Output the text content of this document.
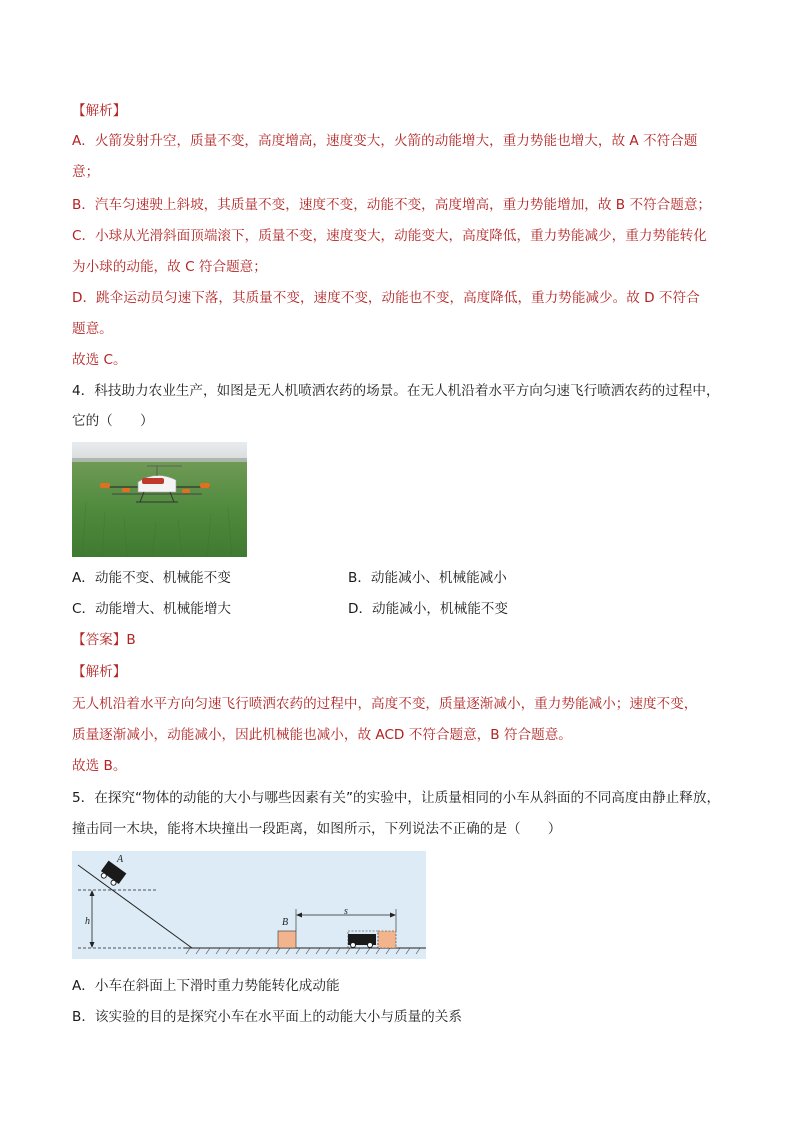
【解析】
A．火箭发射升空，质量不变，高度增高，速度变大，火箭的动能增大，重力势能也增大，故 A 不符合题
意；
B．汽车匀速驶上斜坡，其质量不变，速度不变，动能不变，高度增高，重力势能增加，故 B 不符合题意；
C．小球从光滑斜面顶端滚下，质量不变，速度变大，动能变大，高度降低，重力势能减少，重力势能转化
为小球的动能，故 C 符合题意；
D．跳伞运动员匀速下落，其质量不变，速度不变，动能也不变，高度降低，重力势能减少。故 D 不符合
题意。
故选 C。
4．科技助力农业生产，如图是无人机喷洒农药的场景。在无人机沿着水平方向匀速飞行喷洒农药的过程中，
它的（　　）
A．动能不变、机械能不变	B．动能减小、机械能减小
C．动能增大、机械能增大	D．动能减小，机械能不变
【答案】B
【解析】
无人机沿着水平方向匀速飞行喷洒农药的过程中，高度不变，质量逐渐减小，重力势能减小；速度不变，
质量逐渐减小，动能减小，因此机械能也减小，故 ACD 不符合题意，B 符合题意。
故选 B。
5．在探究“物体的动能的大小与哪些因素有关”的实验中，让质量相同的小车从斜面的不同高度由静止释放，
撞击同一木块，能将木块撞出一段距离，如图所示，下列说法不正确的是（　　）
h
A
B
s
A．小车在斜面上下滑时重力势能转化成动能
B．该实验的目的是探究小车在水平面上的动能大小与质量的关系
